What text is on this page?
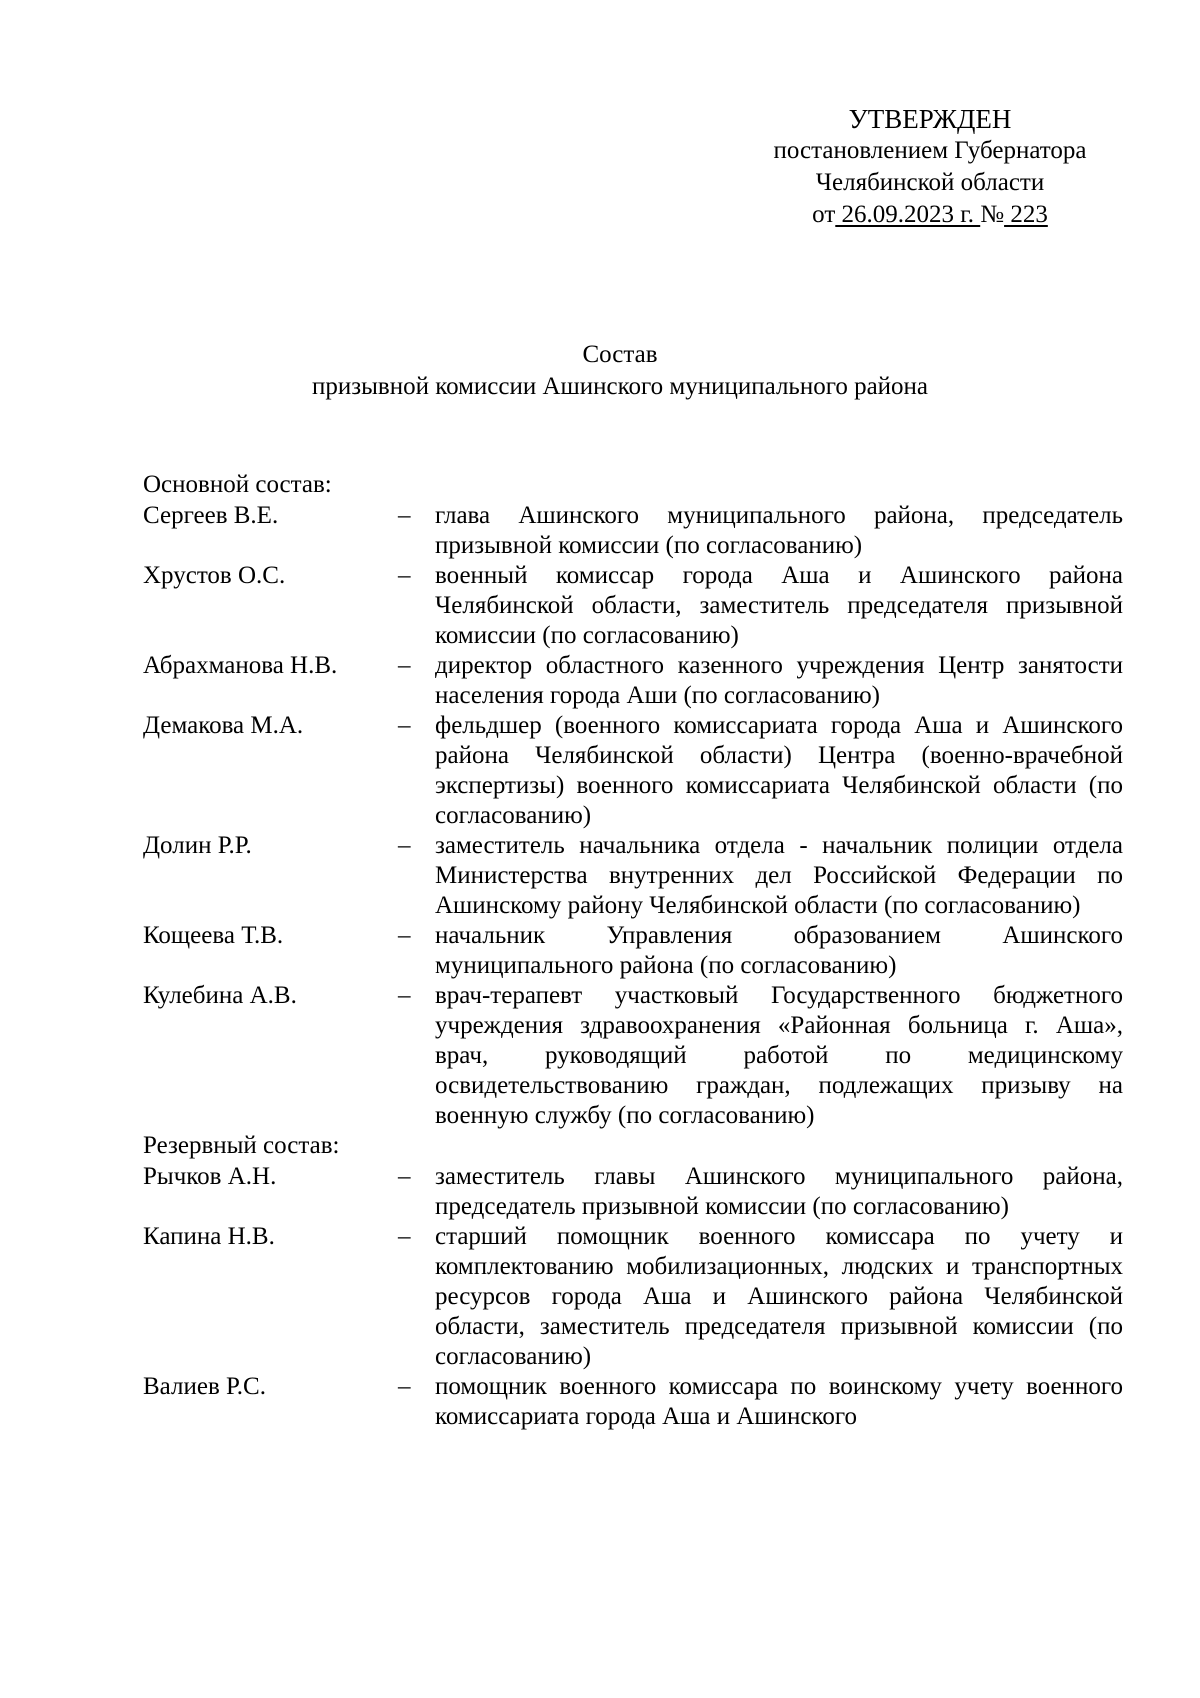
УТВЕРЖДЕН
постановлением Губернатора
Челябинской области
от 26.09.2023 г. № 223
Состав
призывной комиссии Ашинского муниципального района
Основной состав:
Сергеев В.Е.	– глава Ашинского муниципального района, председатель призывной комиссии (по согласованию)
Хрустов О.С.	– военный комиссар города Аша и Ашинского района Челябинской области, заместитель председателя призывной комиссии (по согласованию)
Абрахманова Н.В.	– директор областного казенного учреждения Центр занятости населения города Аши (по согласованию)
Демакова М.А.	– фельдшер (военного комиссариата города Аша и Ашинского района Челябинской области) Центра (военно-врачебной экспертизы) военного комиссариата Челябинской области (по согласованию)
Долин Р.Р.	– заместитель начальника отдела - начальник полиции отдела Министерства внутренних дел Российской Федерации по Ашинскому району Челябинской области (по согласованию)
Кощеева Т.В.	– начальник Управления образованием Ашинского муниципального района (по согласованию)
Кулебина А.В.	– врач-терапевт участковый Государственного бюджетного учреждения здравоохранения «Районная больница г. Аша», врач, руководящий работой по медицинскому освидетельствованию граждан, подлежащих призыву на военную службу (по согласованию)
Резервный состав:
Рычков А.Н.	– заместитель главы Ашинского муниципального района, председатель призывной комиссии (по согласованию)
Капина Н.В.	– старший помощник военного комиссара по учету и комплектованию мобилизационных, людских и транспортных ресурсов города Аша и Ашинского района Челябинской области, заместитель председателя призывной комиссии (по согласованию)
Валиев Р.С.	– помощник военного комиссара по воинскому учету военного комиссариата города Аша и Ашинского
